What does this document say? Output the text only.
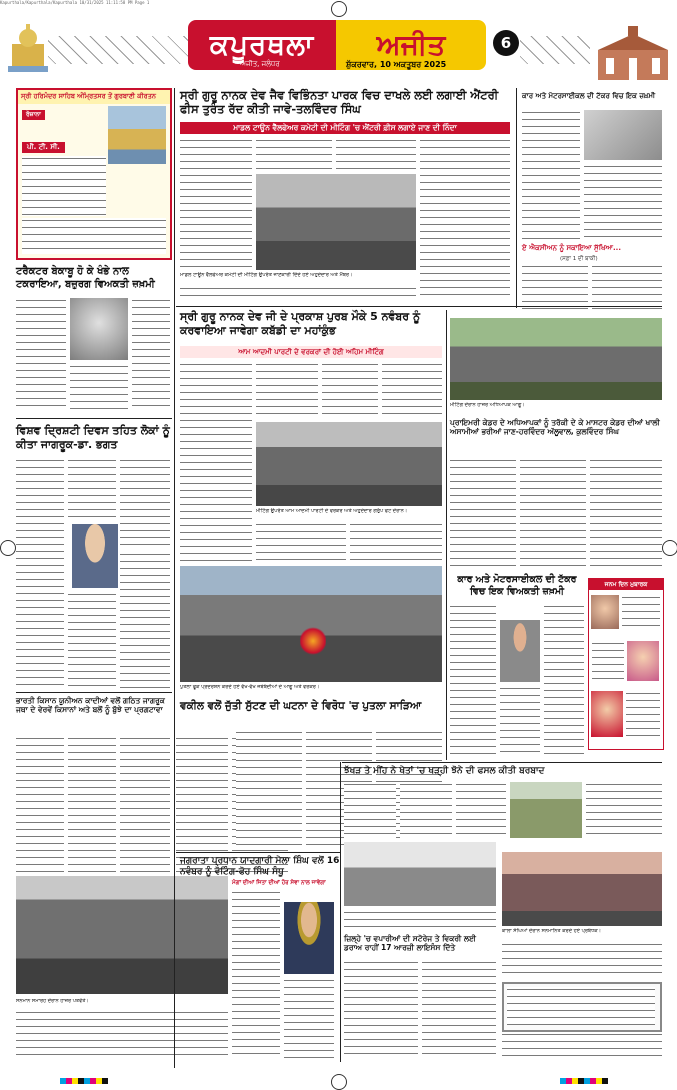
Kapurthala/Kapurthala/Kapurthala 10/31/2025 11:11:58 PM Page 1
ਕਪੂਰਥਲਾ	ਅਜੀਤ
ਅਜੀਤ, ਜਲੰਧਰ	ਸ਼ੁੱਕਰਵਾਰ, 10 ਅਕਤੂਬਰ 2025
6
ਸ੍ਰੀ ਹਰਿਮੰਦਰ ਸਾਹਿਬ ਅੰਮ੍ਰਿਤਸਰ ਤੋਂ ਗੁਰਬਾਣੀ ਕੀਰਤਨ
ਰੋਜ਼ਾਨਾ
ਪੀ. ਟੀ. ਸੀ.
ਸ੍ਰੀ ਗੁਰੂ ਨਾਨਕ ਦੇਵ ਜੈਵ ਵਿਭਿੰਨਤਾ ਪਾਰਕ ਵਿਚ ਦਾਖਲੇ ਲਈ ਲਗਾਈ ਐਂਟਰੀ ਫੀਸ ਤੁਰੰਤ ਰੱਦ ਕੀਤੀ ਜਾਵੇ-ਤਲਵਿੰਦਰ ਸਿੰਘ
ਮਾਡਲ ਟਾਊਨ ਵੈੱਲਫੇਅਰ ਕਮੇਟੀ ਦੀ ਮੀਟਿੰਗ 'ਚ ਐਂਟਰੀ ਫ਼ੀਸ ਲਗਾਏ ਜਾਣ ਦੀ ਨਿੰਦਾ
ਮਾਡਲ ਟਾਊਨ ਵੈੱਲਫੇਅਰ ਕਮੇਟੀ ਦੀ ਮੀਟਿੰਗ ਉਪਰੰਤ ਜਾਣਕਾਰੀ ਦਿੰਦੇ ਹੋਏ ਅਹੁਦੇਦਾਰ ਅਤੇ ਮੈਂਬਰ।
ਕਾਰ ਅਤੇ ਮੋਟਰਸਾਈਕਲ ਦੀ ਟੱਕਰ ਵਿਚ ਇਕ ਜ਼ਖ਼ਮੀ
ਏ ਐਕਸੀਅਨ ਨੂੰ ਸਕਾਇਆ ਸੁੱਖਿਆ...
(ਸਫ਼ਾ 1 ਦੀ ਬਾਕੀ)
ਟਰੈਕਟਰ ਬੇਕਾਬੂ ਹੋ ਕੇ ਖੰਭੇ ਨਾਲ ਟਕਰਾਇਆ, ਬਜ਼ੁਰਗ ਵਿਅਕਤੀ ਜ਼ਖ਼ਮੀ
ਵਿਸ਼ਵ ਦ੍ਰਿਸ਼ਟੀ ਦਿਵਸ ਤਹਿਤ ਲੋਕਾਂ ਨੂੰ ਕੀਤਾ ਜਾਗਰੂਕ-ਡਾ. ਭਗਤ
ਭਾਰਤੀ ਕਿਸਾਨ ਯੂਨੀਅਨ ਕਾਦੀਆਂ ਵਲੋਂ ਗਠਿਤ ਜਾਗਰੂਕ ਜਥਾ ਦੇ ਵੇਰਵੇਂ ਕਿਸਾਨਾਂ ਅਤੇ ਬਲੋਂ ਨੂੰ ਬੁੱਝੇ ਦਾ ਪ੍ਰਗਟਾਵਾ
ਸਨਮਾਨ ਸਮਾਰੋਹ ਦੌਰਾਨ ਹਾਜ਼ਰ ਪਤਵੰਤੇ।
ਸ੍ਰੀ ਗੁਰੂ ਨਾਨਕ ਦੇਵ ਜੀ ਦੇ ਪ੍ਰਕਾਸ਼ ਪੁਰਬ ਮੌਕੇ 5 ਨਵੰਬਰ ਨੂੰ ਕਰਵਾਇਆ ਜਾਵੇਗਾ ਕਬੱਡੀ ਦਾ ਮਹਾਂਕੁੰਭ
ਆਮ ਆਦਮੀ ਪਾਰਟੀ ਦੇ ਵਰਕਰਾਂ ਦੀ ਹੋਈ ਅਹਿਮ ਮੀਟਿੰਗ
ਮੀਟਿੰਗ ਉਪਰੰਤ ਆਮ ਆਦਮੀ ਪਾਰਟੀ ਦੇ ਵਰਕਰ ਅਤੇ ਅਹੁਦੇਦਾਰ ਗਰੁੱਪ ਫੋਟੋ ਦੌਰਾਨ।
ਪੁਤਲਾ ਫੂਕ ਪ੍ਰਦਰਸ਼ਨ ਕਰਦੇ ਹੋਏ ਵੱਖ-ਵੱਖ ਜਥੇਬੰਦੀਆਂ ਦੇ ਆਗੂ ਅਤੇ ਵਰਕਰ।
ਵਕੀਲ ਵਲੋਂ ਜੁੱਤੀ ਸੁੱਟਣ ਦੀ ਘਟਨਾ ਦੇ ਵਿਰੋਧ 'ਚ ਪੁਤਲਾ ਸਾੜਿਆ
ਜਗਰਾਤਾ ਪ੍ਰਧਾਨ ਯਾਦਗਾਰੀ ਮੇਲਾ ਸ਼ਿੰਘ ਵਲੋਂ 16 ਨਵੰਬਰ ਨੂੰ ਵੋਟਿੰਗ-ਫੋਹ ਸਿੰਘ ਸੰਧੂ
ਮੰਗਾਂ ਦੀਆਂ ਜਿਤਾ ਦੀਆਂ ਹੋਰ ਸੇਵਾ ਨਾਲ ਜਾਵੇਗਾ
ਮੀਟਿੰਗ ਦੌਰਾਨ ਹਾਜ਼ਰ ਅਧਿਆਪਕ ਆਗੂ।
ਪ੍ਰਾਇਮਰੀ ਕੇਡਰ ਦੇ ਅਧਿਆਪਕਾਂ ਨੂੰ ਤਰੱਕੀ ਦੇ ਕੇ ਮਾਸਟਰ ਕੇਡਰ ਦੀਆਂ ਖਾਲੀ ਅਸਾਮੀਆਂ ਭਰੀਆਂ ਜਾਣ-ਹਰਵਿੰਦਰ ਅੱਲੂਵਾਲ, ਕੁਲਵਿੰਦਰ ਸਿੰਘ
ਕਾਰ ਅਤੇ ਮੋਟਰਸਾਈਕਲ ਦੀ ਟੱਕਰ ਵਿਚ ਇਕ ਵਿਅਕਤੀ ਜ਼ਖ਼ਮੀ
ਜਨਮ ਦਿਨ ਮੁਬਾਰਕ
ਝੱਖੜ ਤੇ ਮੀਂਹ ਨੇ ਖੇਤਾਂ 'ਚ ਖੜ੍ਹੀ ਝੋਨੇ ਦੀ ਫਸਲ ਕੀਤੀ ਬਰਬਾਦ
ਜ਼ਿਲ੍ਹੇ 'ਚ ਵਪਾਰੀਆਂ ਦੀ ਸਟੋਰੇਜ ਤੇ ਵਿਕਰੀ ਲਈ ਡਰਾਅ ਰਾਹੀਂ 17 ਆਰਜ਼ੀ ਲਾਇਸੰਸ ਦਿੱਤੇ
ਕਾਲਾ ਸੰਘਿਆਂ ਦੌਰਾਨ ਸਨਮਾਨਿਤ ਕਰਦੇ ਹੋਏ ਪ੍ਰਬੰਧਕ।
